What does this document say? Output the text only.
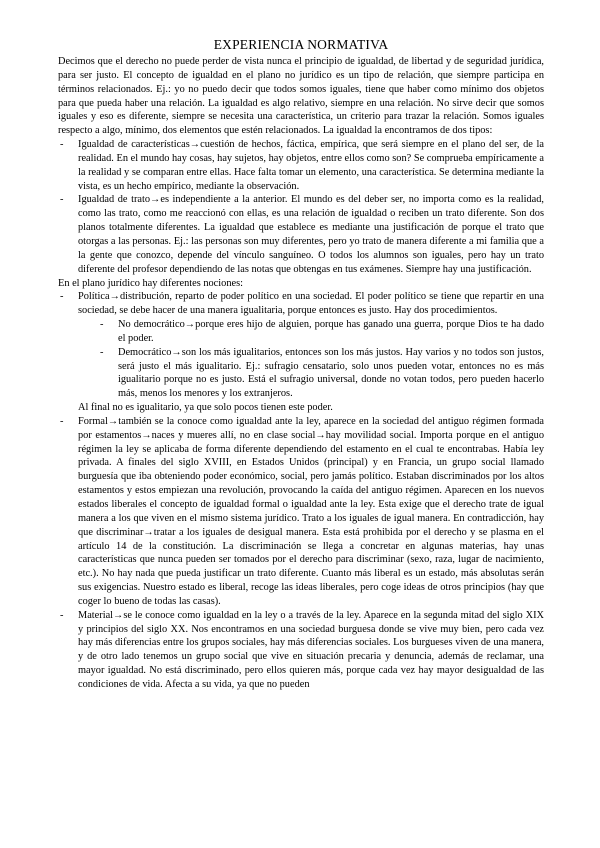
EXPERIENCIA NORMATIVA

Decimos que el derecho no puede perder de vista nunca el principio de igualdad, de libertad y de seguridad jurídica, para ser justo. El concepto de igualdad en el plano no jurídico es un tipo de relación, que siempre participa en términos relacionados. Ej.: yo no puedo decir que todos somos iguales, tiene que haber como mínimo dos objetos para que pueda haber una relación. La igualdad es algo relativo, siempre en una relación. No sirve decir que somos iguales y eso es diferente, siempre se necesita una característica, un criterio para trazar la relación. Somos iguales respecto a algo, mínimo, dos elementos que estén relacionados. La igualdad la encontramos de dos tipos:

- Igualdad de características→cuestión de hechos, fáctica, empírica, que será siempre en el plano del ser, de la realidad. En el mundo hay cosas, hay sujetos, hay objetos, entre ellos como son? Se comprueba empíricamente a la realidad y se comparan entre ellas. Hace falta tomar un elemento, una característica. Se determina mediante la vista, es un hecho empírico, mediante la observación.
- Igualdad de trato→es independiente a la anterior. El mundo es del deber ser, no importa como es la realidad, como las trato, como me reaccionó con ellas, es una relación de igualdad o reciben un trato diferente. Son dos planos totalmente diferentes. La igualdad que establece es mediante una justificación de porque el trato que otorgas a las personas. Ej.: las personas son muy diferentes, pero yo trato de manera diferente a mi familia que a la gente que conozco, depende del vínculo sanguíneo. O todos los alumnos son iguales, pero hay un trato diferente del profesor dependiendo de las notas que obtengas en tus exámenes. Siempre hay una justificación.

En el plano jurídico hay diferentes nociones:

- Política→distribución, reparto de poder político en una sociedad. El poder político se tiene que repartir en una sociedad, se debe hacer de una manera igualitaria, porque entonces es justo. Hay dos procedimientos.
- No democrático→porque eres hijo de alguien, porque has ganado una guerra, porque Dios te ha dado el poder.
- Democrático→son los más igualitarios, entonces son los más justos. Hay varios y no todos son justos, será justo el más igualitario. Ej.: sufragio censatario, solo unos pueden votar, entonces no es más igualitario porque no es justo. Está el sufragio universal, donde no votan todos, pero pueden hacerlo más, menos los menores y los extranjeros.

Al final no es igualitario, ya que solo pocos tienen este poder.

- Formal→también se la conoce como igualdad ante la ley, aparece en la sociedad del antiguo régimen formada por estamentos→naces y mueres allí, no en clase social→hay movilidad social. Importa porque en el antiguo régimen la ley se aplicaba de forma diferente dependiendo del estamento en el cual te encontrabas. Había ley privada. A finales del siglo XVIII, en Estados Unidos (principal) y en Francia, un grupo social llamado burguesía que iba obteniendo poder económico, social, pero jamás político. Estaban discriminados por los altos estamentos y estos empiezan una revolución, provocando la caída del antiguo régimen. Aparecen en los nuevos estados liberales el concepto de igualdad formal o igualdad ante la ley. Esta exige que el derecho trate de igual manera a los que viven en el mismo sistema jurídico. Trato a los iguales de igual manera. En contradicción, hay que discriminar→tratar a los iguales de desigual manera. Esta está prohibida por el derecho y se plasma en el artículo 14 de la constitución. La discriminación se llega a concretar en algunas materias, hay unas características que nunca pueden ser tomados por el derecho para discriminar (sexo, raza, lugar de nacimiento, etc.). No hay nada que pueda justificar un trato diferente. Cuanto más liberal es un estado, más absolutas serán sus exigencias. Nuestro estado es liberal, recoge las ideas liberales, pero coge ideas de otros principios (hay que coger lo bueno de todas las casas).
- Material→se le conoce como igualdad en la ley o a través de la ley. Aparece en la segunda mitad del siglo XIX y principios del siglo XX. Nos encontramos en una sociedad burguesa donde se vive muy bien, pero cada vez hay más diferencias entre los grupos sociales, hay más diferencias sociales. Los burgueses viven de una manera, y de otro lado tenemos un grupo social que vive en situación precaria y denuncia, además de reclamar, una mayor igualdad. No está discriminado, pero ellos quieren más, porque cada vez hay mayor desigualdad de las condiciones de vida. Afecta a su vida, ya que no pueden
